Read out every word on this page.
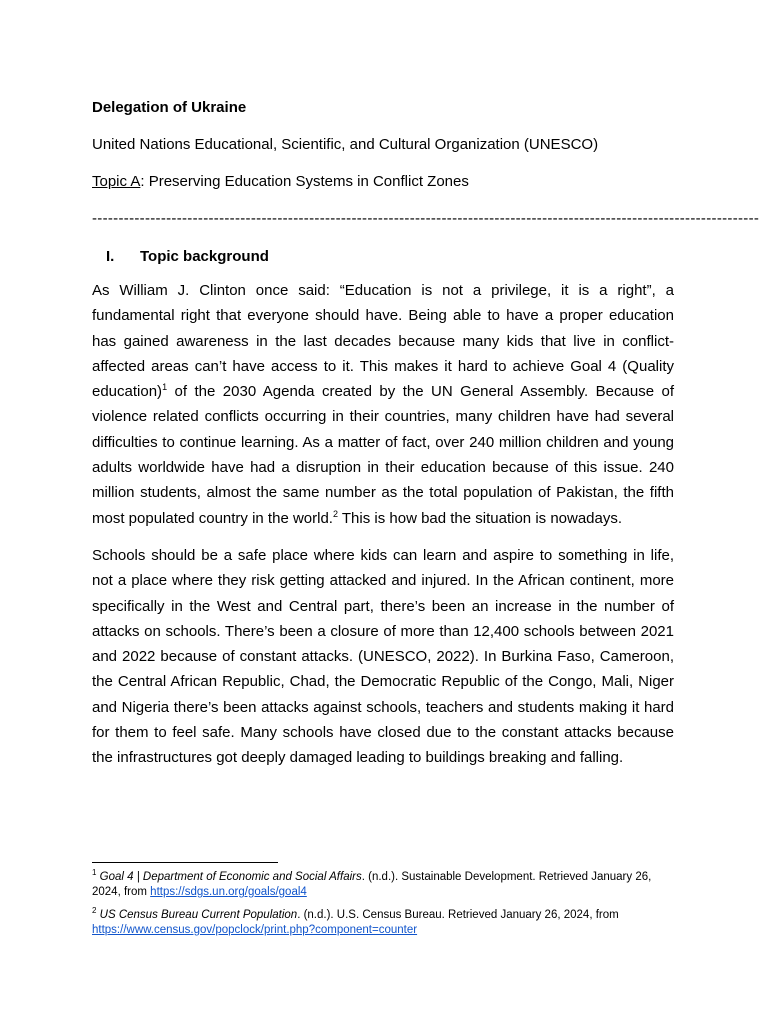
Delegation of Ukraine
United Nations Educational, Scientific, and Cultural Organization (UNESCO)
Topic A: Preserving Education Systems in Conflict Zones
------------------------------------------------------------------------------------------------------------------------------
I. Topic background

As William J. Clinton once said: “Education is not a privilege, it is a right”, a fundamental right that everyone should have. Being able to have a proper education has gained awareness in the last decades because many kids that live in conflict-affected areas can’t have access to it. This makes it hard to achieve Goal 4 (Quality education)$^1$ of the 2030 Agenda created by the UN General Assembly. Because of violence related conflicts occurring in their countries, many children have had several difficulties to continue learning. As a matter of fact, over 240 million children and young adults worldwide have had a disruption in their education because of this issue. 240 million students, almost the same number as the total population of Pakistan, the fifth most populated country in the world.$^2$ This is how bad the situation is nowadays.

Schools should be a safe place where kids can learn and aspire to something in life, not a place where they risk getting attacked and injured. In the African continent, more specifically in the West and Central part, there’s been an increase in the number of attacks on schools. There’s been a closure of more than 12,400 schools between 2021 and 2022 because of constant attacks. (UNESCO, 2022). In Burkina Faso, Cameroon, the Central African Republic, Chad, the Democratic Republic of the Congo, Mali, Niger and Nigeria there’s been attacks against schools, teachers and students making it hard for them to feel safe. Many schools have closed due to the constant attacks because the infrastructures got deeply damaged leading to buildings breaking and falling.

$^1$ Goal 4 | Department of Economic and Social Affairs. (n.d.). Sustainable Development. Retrieved January 26, 2024, from https://sdgs.un.org/goals/goal4
$^2$ US Census Bureau Current Population. (n.d.). U.S. Census Bureau. Retrieved January 26, 2024, from https://www.census.gov/popclock/print.php?component=counter
